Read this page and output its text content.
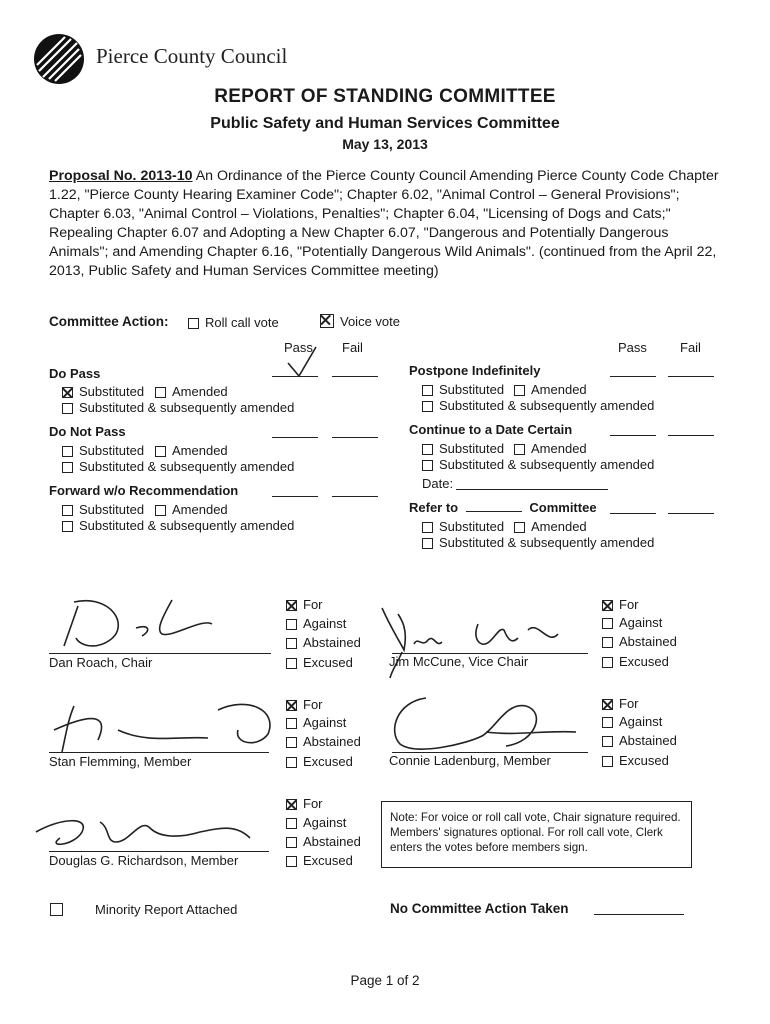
Pierce County Council
REPORT OF STANDING COMMITTEE
Public Safety and Human Services Committee
May 13, 2013
Proposal No. 2013-10 An Ordinance of the Pierce County Council Amending Pierce County Code Chapter 1.22, "Pierce County Hearing Examiner Code"; Chapter 6.02, "Animal Control – General Provisions"; Chapter 6.03, "Animal Control – Violations, Penalties"; Chapter 6.04, "Licensing of Dogs and Cats;" Repealing Chapter 6.07 and Adopting a New Chapter 6.07, "Dangerous and Potentially Dangerous Animals"; and Amending Chapter 6.16, "Potentially Dangerous Wild Animals". (continued from the April 22, 2013, Public Safety and Human Services Committee meeting)
Committee Action:	Roll call vote	Voice vote
Pass Fail	Pass	Fail
Do Pass
Substituted	Amended
Substituted & subsequently amended
Do Not Pass
Substituted	Amended
Substituted & subsequently amended
Forward w/o Recommendation
Substituted	Amended
Substituted & subsequently amended
Postpone Indefinitely
Substituted	Amended
Substituted & subsequently amended
Continue to a Date Certain
Substituted	Amended
Substituted & subsequently amended
Date:
Refer to	Committee
Substituted	Amended
Substituted & subsequently amended
Dan Roach, Chair
For
Against
Abstained
Excused	Jim McCune, Vice Chair
For
Against
Abstained
Excused
Stan Flemming, Member
For
Against
Abstained
Excused	Connie Ladenburg, Member
For
Against
Abstained
Excused
Douglas G. Richardson, Member
For
Against
Abstained
Excused
Note: For voice or roll call vote, Chair signature required. Members' signatures optional. For roll call vote, Clerk enters the votes before members sign.
Minority Report Attached	No Committee Action Taken
Page 1 of 2
